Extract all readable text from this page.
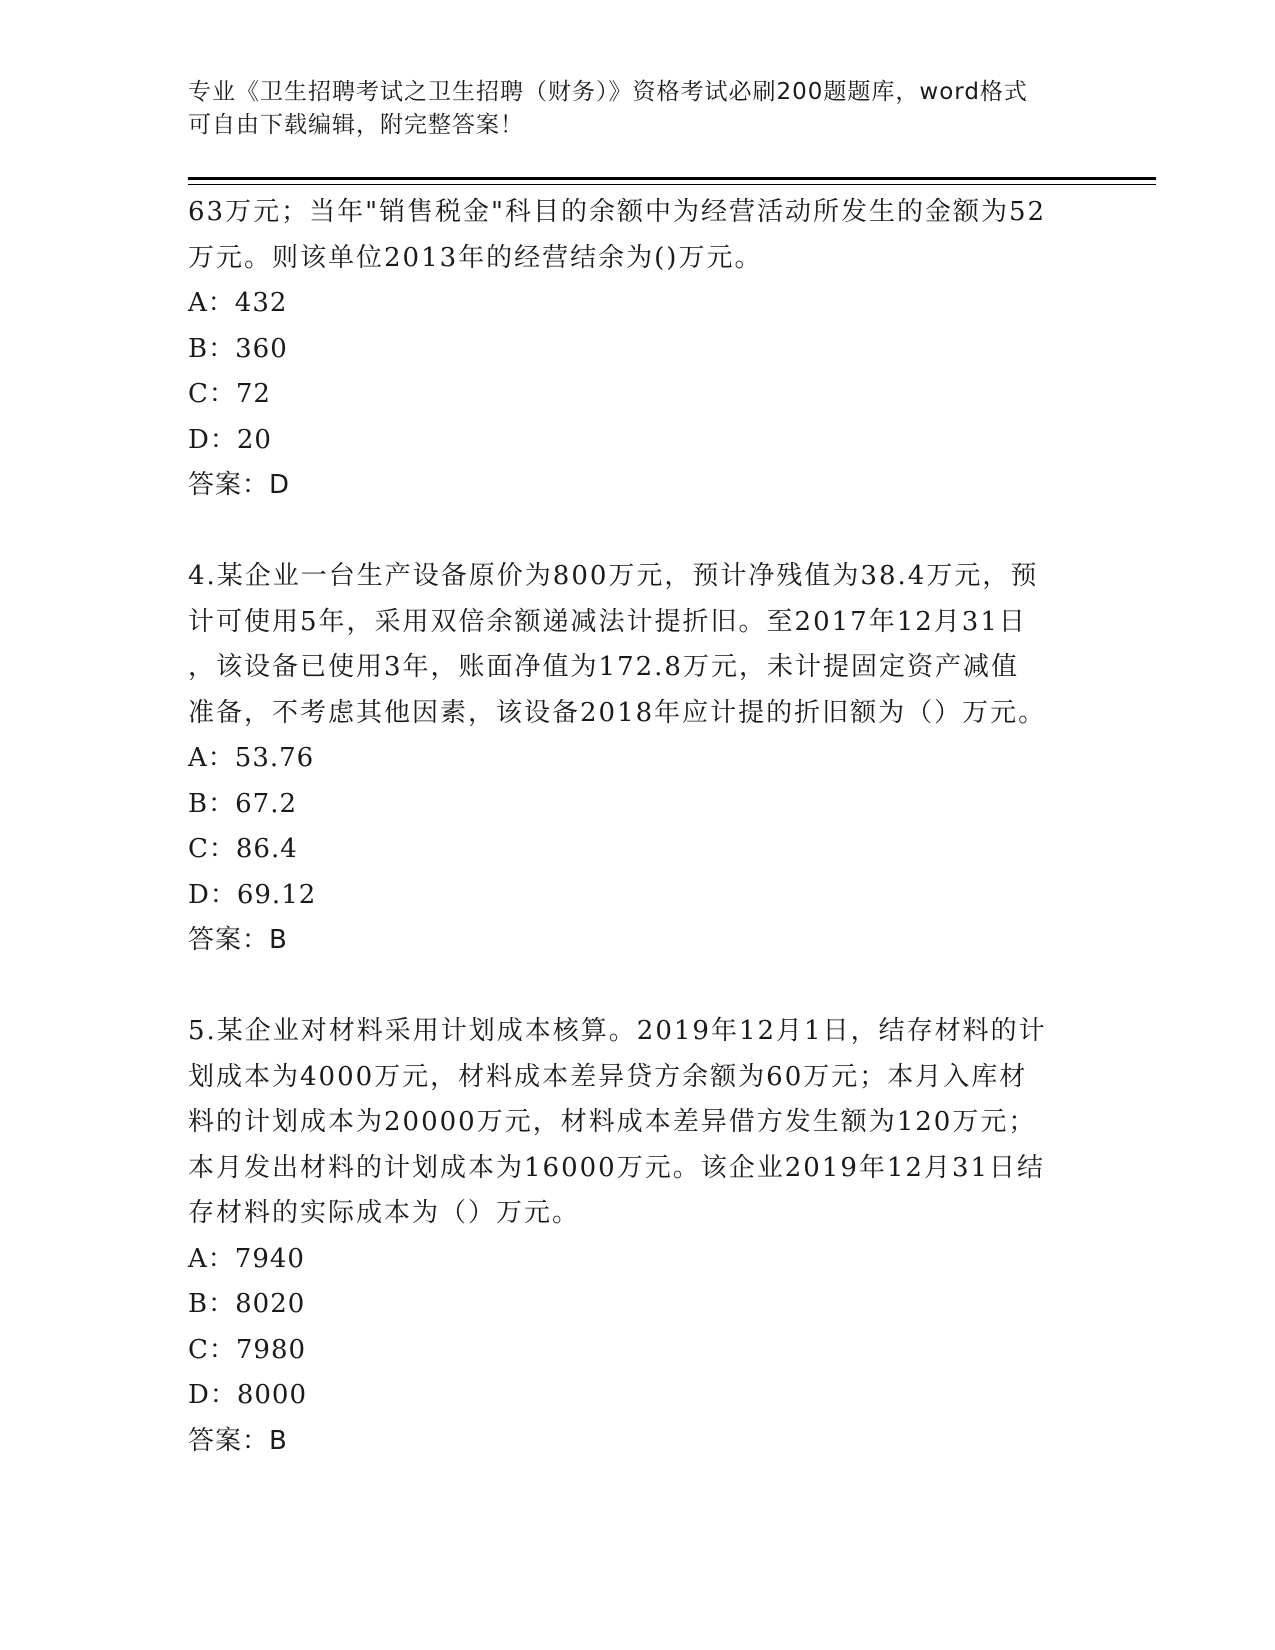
专业《卫生招聘考试之卫生招聘（财务）》资格考试必刷200题题库，word格式
可自由下载编辑，附完整答案！
63万元；当年"销售税金"科目的余额中为经营活动所发生的金额为52
万元。则该单位2013年的经营结余为()万元。
A：432
B：360
C：72
D：20
答案：D
4.某企业一台生产设备原价为800万元，预计净残值为38.4万元，预
计可使用5年，采用双倍余额递减法计提折旧。至2017年12月31日
，该设备已使用3年，账面净值为172.8万元，未计提固定资产减值
准备，不考虑其他因素，该设备2018年应计提的折旧额为（）万元。
A：53.76
B：67.2
C：86.4
D：69.12
答案：B
5.某企业对材料采用计划成本核算。2019年12月1日，结存材料的计
划成本为4000万元，材料成本差异贷方余额为60万元；本月入库材
料的计划成本为20000万元，材料成本差异借方发生额为120万元；
本月发出材料的计划成本为16000万元。该企业2019年12月31日结
存材料的实际成本为（）万元。
A：7940
B：8020
C：7980
D：8000
答案：B
